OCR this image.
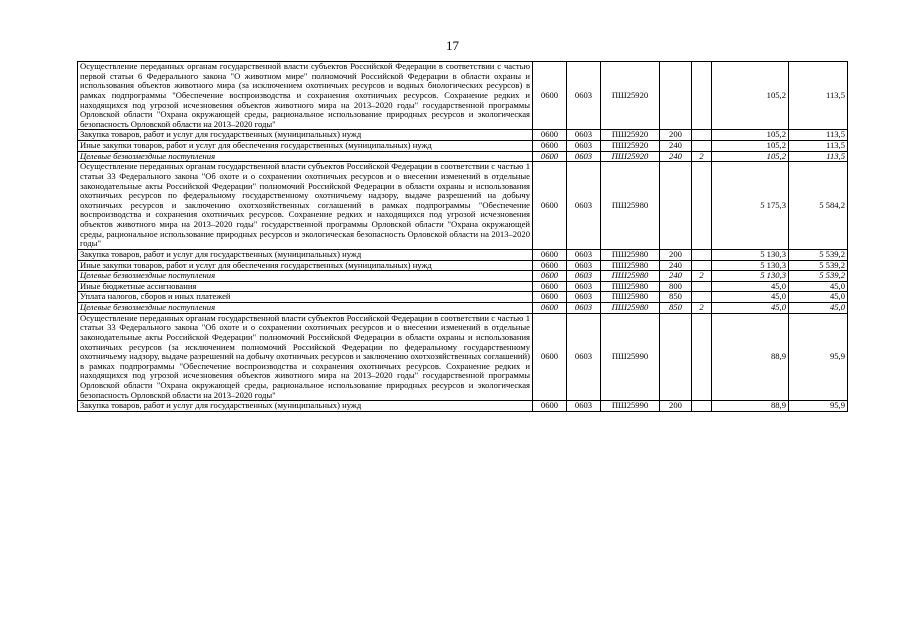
17
Осуществление переданных органам государственной власти субъектов Российской Федерации в соответствии с частью первой статьи 6 Федерального закона "О животном мире" полномочий Российской Федерации в области охраны и использования объектов животного мира (за исключением охотничьих ресурсов и водных биологических ресурсов) в рамках подпрограммы "Обеспечение воспроизводства и сохранения охотничьих ресурсов. Сохранение редких и находящихся под угрозой исчезновения объектов животного мира на 2013–2020 годы" государственной программы Орловской области "Охрана окружающей среды, рациональное использование природных ресурсов и экологическая безопасность Орловской области на 2013–2020 годы"	0600	0603	ПШ25920			105,2	113,5
Закупка товаров, работ и услуг для государственных (муниципальных) нужд	0600	0603	ПШ25920	200		105,2	113,5
Иные закупки товаров, работ и услуг для обеспечения государственных (муниципальных) нужд	0600	0603	ПШ25920	240		105,2	113,5
Целевые безвозмездные поступления	0600	0603	ПШ25920	240	2	105,2	113,5
Осуществление переданных органам государственной власти субъектов Российской Федерации в соответствии с частью 1 статьи 33 Федерального закона "Об охоте и о сохранении охотничьих ресурсов и о внесении изменений в отдельные законодательные акты Российской Федерации" полномочий Российской Федерации в области охраны и использования охотничьих ресурсов по федеральному государственному охотничьему надзору, выдаче разрешений на добычу охотничьих ресурсов и заключению охотхозяйственных соглашений в рамках подпрограммы "Обеспечение воспроизводства и сохранения охотничьих ресурсов. Сохранение редких и находящихся под угрозой исчезновения объектов животного мира на 2013–2020 годы" государственной программы Орловской области "Охрана окружающей среды, рациональное использование природных ресурсов и экологическая безопасность Орловской области на 2013–2020 годы"	0600	0603	ПШ25980			5 175,3	5 584,2
Закупка товаров, работ и услуг для государственных (муниципальных) нужд	0600	0603	ПШ25980	200		5 130,3	5 539,2
Иные закупки товаров, работ и услуг для обеспечения государственных (муниципальных) нужд	0600	0603	ПШ25980	240		5 130,3	5 539,2
Целевые безвозмездные поступления	0600	0603	ПШ25980	240	2	5 130,3	5 539,2
Иные бюджетные ассигнования	0600	0603	ПШ25980	800		45,0	45,0
Уплата налогов, сборов и иных платежей	0600	0603	ПШ25980	850		45,0	45,0
Целевые безвозмездные поступления	0600	0603	ПШ25980	850	2	45,0	45,0
Осуществление переданных органам государственной власти субъектов Российской Федерации в соответствии с частью 1 статьи 33 Федерального закона "Об охоте и о сохранении охотничьих ресурсов и о внесении изменений в отдельные законодательные акты Российской Федерации" полномочий Российской Федерации в области охраны и использования охотничьих ресурсов (за исключением полномочий Российской Федерации по федеральному государственному охотничьему надзору, выдаче разрешений на добычу охотничьих ресурсов и заключению охотхозяйственных соглашений) в рамках подпрограммы "Обеспечение воспроизводства и сохранения охотничьих ресурсов. Сохранение редких и находящихся под угрозой исчезновения объектов животного мира на 2013–2020 годы" государственной программы Орловской области "Охрана окружающей среды, рациональное использование природных ресурсов и экологическая безопасность Орловской области на 2013–2020 годы"	0600	0603	ПШ25990			88,9	95,9
Закупка товаров, работ и услуг для государственных (муниципальных) нужд	0600	0603	ПШ25990	200		88,9	95,9
